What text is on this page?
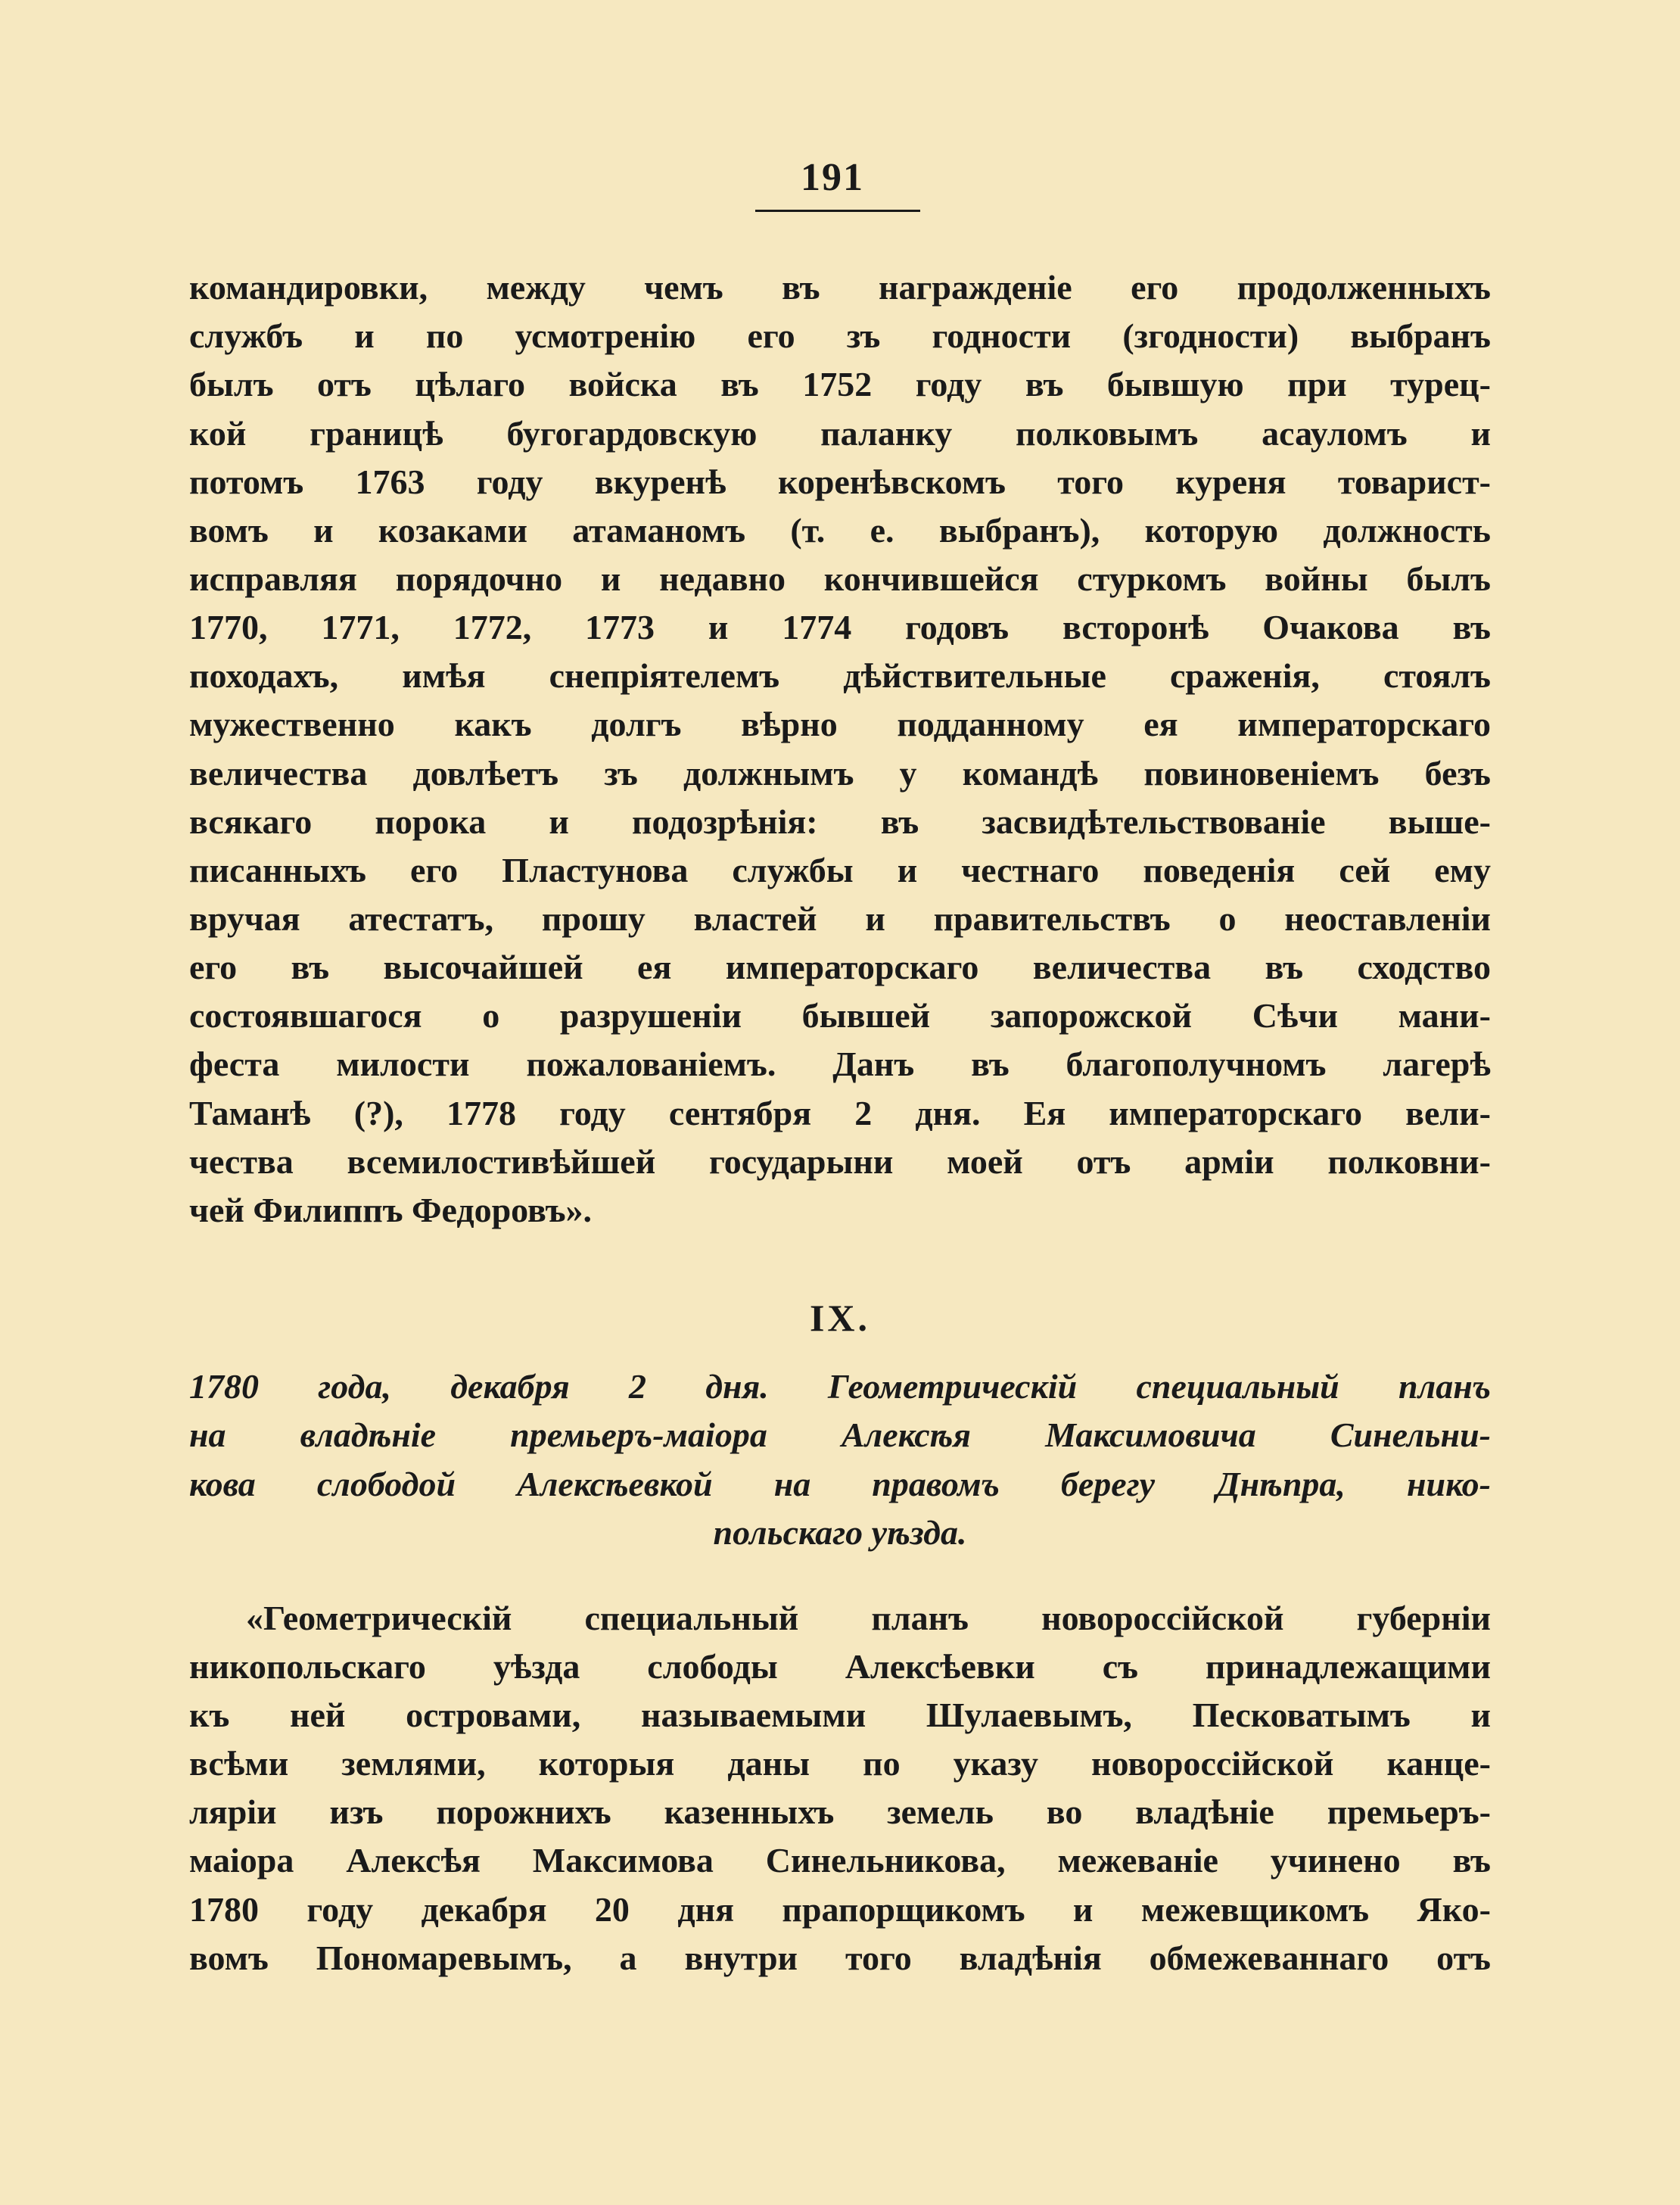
191
командировки, между чемъ въ награжденіе его продолженныхъ
службъ и по усмотренію его зъ годности (згодности) выбранъ
былъ отъ цѣлаго войска въ 1752 году въ бывшую при турец-
кой границѣ бугогардовскую паланку полковымъ асауломъ и
потомъ 1763 году вкуренѣ коренѣвскомъ того куреня товарист-
вомъ и козаками атаманомъ (т. е. выбранъ), которую должность
исправляя порядочно и недавно кончившейся стуркомъ войны былъ
1770, 1771, 1772, 1773 и 1774 годовъ всторонѣ Очакова въ
походахъ, имѣя снепріятелемъ дѣйствительные сраженія, стоялъ
мужественно какъ долгъ вѣрно подданному ея императорскаго
величества довлѣетъ зъ должнымъ у командѣ повиновеніемъ безъ
всякаго порока и подозрѣнія: въ засвидѣтельствованіе выше-
писанныхъ его Пластунова службы и честнаго поведенія сей ему
вручая атестатъ, прошу властей и правительствъ о неоставленіи
его въ высочайшей ея императорскаго величества въ сходство
состоявшагося о разрушеніи бывшей запорожской Сѣчи мани-
феста милости пожалованіемъ. Данъ въ благополучномъ лагерѣ
Таманѣ (?), 1778 году сентября 2 дня. Ея императорскаго вели-
чества всемилостивѣйшей государыни моей отъ арміи полковни-
чей Филиппъ Федоровъ».
IX.
1780 года, декабря 2 дня. Геометрическій специальный планъ
на владѣніе премьеръ-маіора Алексѣя Максимовича Синельни-
кова слободой Алексѣевкой на правомъ берегу Днѣпра, нико-
польскаго уѣзда.
«Геометрическій специальный планъ новороссійской губерніи
никопольскаго уѣзда слободы Алексѣевки съ принадлежащими
къ ней островами, называемыми Шулаевымъ, Песковатымъ и
всѣми землями, которыя даны по указу новороссійской канце-
ляріи изъ порожнихъ казенныхъ земель во владѣніе премьеръ-
маіора Алексѣя Максимова Синельникова, межеваніе учинено въ
1780 году декабря 20 дня прапорщикомъ и межевщикомъ Яко-
вомъ Пономаревымъ, а внутри того владѣнія обмежеваннаго отъ
